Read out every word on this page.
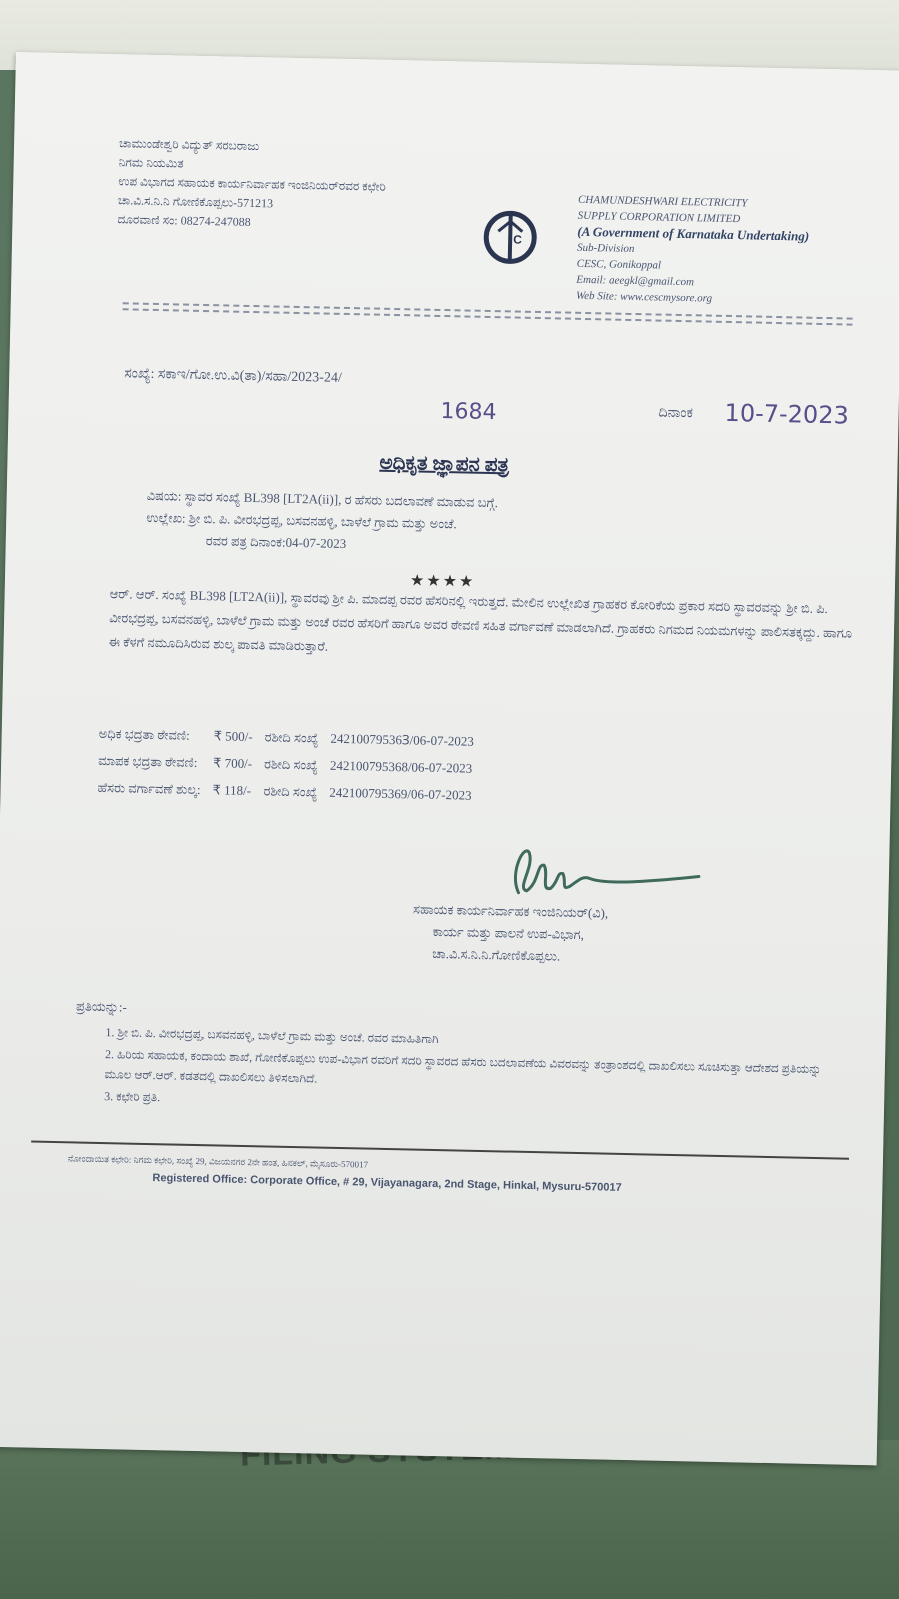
ಚಾಮುಂಡೇಶ್ವರಿ ವಿದ್ಯುತ್ ಸರಬರಾಜು
ನಿಗಮ ನಿಯಮಿತ
ಉಪ ವಿಭಾಗದ ಸಹಾಯಕ ಕಾರ್ಯನಿರ್ವಾಹಕ ಇಂಜಿನಿಯರ್‌ರವರ ಕಛೇರಿ
ಚಾ.ವಿ.ಸ.ನಿ.ನಿ ಗೋಣಿಕೊಪ್ಪಲು-571213
ದೂರವಾಣಿ ಸಂ: 08274-247088
C
CHAMUNDESHWARI ELECTRICITY
SUPPLY CORPORATION LIMITED
(A Government of Karnataka Undertaking)
Sub-Division
CESC, Gonikoppal
Email: aeegkl@gmail.com
Web Site: www.cescmysore.org
ಸಂಖ್ಯೆ: ಸಕಾಇ/ಗೋ.ಉ.ವಿ(ತಾ)/ಸಹಾ/2023-24/
1684	ದಿನಾಂಕ 10-7-2023
ಅಧಿಕೃತ ಜ್ಞಾಪನ ಪತ್ರ
ವಿಷಯ: ಸ್ಥಾವರ ಸಂಖ್ಯೆ BL398 [LT2A(ii)], ರ ಹೆಸರು ಬದಲಾವಣೆ ಮಾಡುವ ಬಗ್ಗೆ.
ಉಲ್ಲೇಖ: ಶ್ರೀ ಬಿ. ಪಿ. ವೀರಭದ್ರಪ್ಪ, ಬಸವನಹಳ್ಳಿ, ಬಾಳೆಲೆ ಗ್ರಾಮ ಮತ್ತು ಅಂಚೆ.
ರವರ ಪತ್ರ ದಿನಾಂಕ:04-07-2023
★★★★
ಆರ್. ಆರ್. ಸಂಖ್ಯೆ BL398 [LT2A(ii)], ಸ್ಥಾವರವು ಶ್ರೀ ಪಿ. ಮಾದಪ್ಪ ರವರ ಹೆಸರಿನಲ್ಲಿ ಇರುತ್ತದೆ. ಮೇಲಿನ ಉಲ್ಲೇಖಿತ ಗ್ರಾಹಕರ ಕೋರಿಕೆಯ ಪ್ರಕಾರ ಸದರಿ ಸ್ಥಾವರವನ್ನು ಶ್ರೀ ಬಿ. ಪಿ. ವೀರಭದ್ರಪ್ಪ, ಬಸವನಹಳ್ಳಿ, ಬಾಳೆಲೆ ಗ್ರಾಮ ಮತ್ತು ಅಂಚೆ ರವರ ಹೆಸರಿಗೆ ಹಾಗೂ ಅವರ ಠೇವಣಿ ಸಹಿತ ವರ್ಗಾವಣೆ ಮಾಡಲಾಗಿದೆ. ಗ್ರಾಹಕರು ನಿಗಮದ ನಿಯಮಗಳನ್ನು ಪಾಲಿಸತಕ್ಕದ್ದು. ಹಾಗೂ ಈ ಕೆಳಗೆ ನಮೂದಿಸಿರುವ ಶುಲ್ಕ ಪಾವತಿ ಮಾಡಿರುತ್ತಾರೆ.
ಅಧಿಕ ಭದ್ರತಾ ಠೇವಣಿ:	₹ 500/-	ರಶೀದಿ ಸಂಖ್ಯೆ	24210079536Ɜ/06-07-2023
ಮಾಪಕ ಭದ್ರತಾ ಠೇವಣಿ:	₹ 700/-	ರಶೀದಿ ಸಂಖ್ಯೆ	242100795368/06-07-2023
ಹೆಸರು ವರ್ಗಾವಣೆ ಶುಲ್ಕ:	₹ 118/-	ರಶೀದಿ ಸಂಖ್ಯೆ	242100795369/06-07-2023
ಸಹಾಯಕ ಕಾರ್ಯನಿರ್ವಾಹಕ ಇಂಜಿನಿಯರ್(ವಿ),
ಕಾರ್ಯ ಮತ್ತು ಪಾಲನೆ ಉಪ-ವಿಭಾಗ,
ಚಾ.ವಿ.ಸ.ನಿ.ನಿ.ಗೋಣಿಕೊಪ್ಪಲು.
ಪ್ರತಿಯನ್ನು:-
1. ಶ್ರೀ ಬಿ. ಪಿ. ವೀರಭದ್ರಪ್ಪ, ಬಸವನಹಳ್ಳಿ, ಬಾಳೆಲೆ ಗ್ರಾಮ ಮತ್ತು ಅಂಚೆ. ರವರ ಮಾಹಿತಿಗಾಗಿ
2. ಹಿರಿಯ ಸಹಾಯಕ, ಕಂದಾಯ ಶಾಖೆ, ಗೋಣಿಕೊಪ್ಪಲು ಉಪ-ವಿಭಾಗ ರವರಿಗೆ ಸದರಿ ಸ್ಥಾವರದ ಹೆಸರು ಬದಲಾವಣೆಯ ವಿವರವನ್ನು ತಂತ್ರಾಂಶದಲ್ಲಿ ದಾಖಲಿಸಲು ಸೂಚಿಸುತ್ತಾ ಆದೇಶದ ಪ್ರತಿಯನ್ನು ಮೂಲ ಆರ್.ಆರ್. ಕಡತದಲ್ಲಿ ದಾಖಲಿಸಲು ತಿಳಿಸಲಾಗಿದೆ.
3. ಕಛೇರಿ ಪ್ರತಿ.
ನೋಂದಾಯಿತ ಕಛೇರಿ: ನಿಗಮ ಕಛೇರಿ, ಸಂಖ್ಯೆ 29, ವಿಜಯನಗರ 2ನೇ ಹಂತ, ಹಿನಕಲ್, ಮೈಸೂರು-570017
Registered Office: Corporate Office, # 29, Vijayanagara, 2nd Stage, Hinkal, Mysuru-570017
